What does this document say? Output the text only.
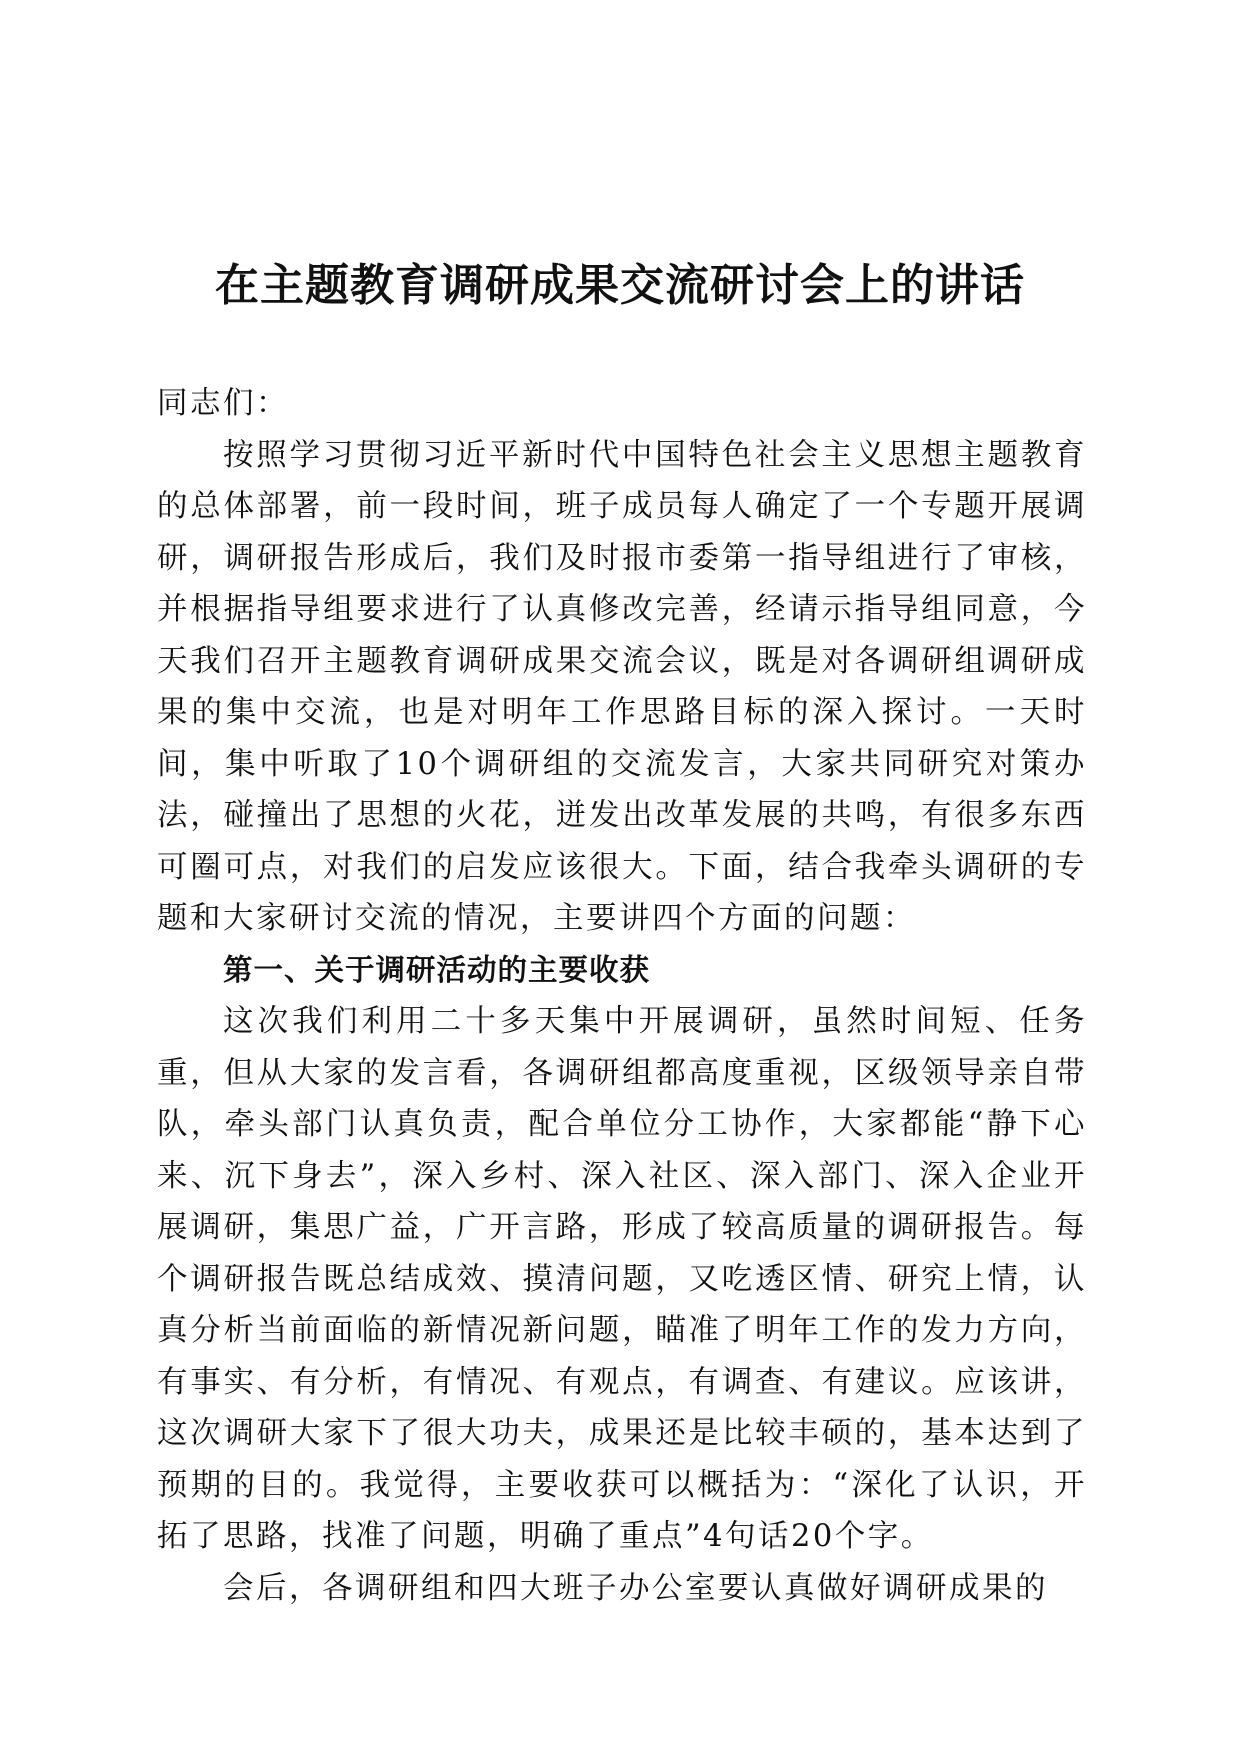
在主题教育调研成果交流研讨会上的讲话

同志们：

按照学习贯彻习近平新时代中国特色社会主义思想主题教育的总体部署，前一段时间，班子成员每人确定了一个专题开展调研，调研报告形成后，我们及时报市委第一指导组进行了审核，并根据指导组要求进行了认真修改完善，经请示指导组同意，今天我们召开主题教育调研成果交流会议，既是对各调研组调研成果的集中交流，也是对明年工作思路目标的深入探讨。一天时间，集中听取了10个调研组的交流发言，大家共同研究对策办法，碰撞出了思想的火花，迸发出改革发展的共鸣，有很多东西可圈可点，对我们的启发应该很大。下面，结合我牵头调研的专题和大家研讨交流的情况，主要讲四个方面的问题：

第一、关于调研活动的主要收获

这次我们利用二十多天集中开展调研，虽然时间短、任务重，但从大家的发言看，各调研组都高度重视，区级领导亲自带队，牵头部门认真负责，配合单位分工协作，大家都能“静下心来、沉下身去”，深入乡村、深入社区、深入部门、深入企业开展调研，集思广益，广开言路，形成了较高质量的调研报告。每个调研报告既总结成效、摸清问题，又吃透区情、研究上情，认真分析当前面临的新情况新问题，瞄准了明年工作的发力方向，有事实、有分析，有情况、有观点，有调查、有建议。应该讲，这次调研大家下了很大功夫，成果还是比较丰硕的，基本达到了预期的目的。我觉得，主要收获可以概括为：“深化了认识，开拓了思路，找准了问题，明确了重点”4句话20个字。

会后，各调研组和四大班子办公室要认真做好调研成果的
